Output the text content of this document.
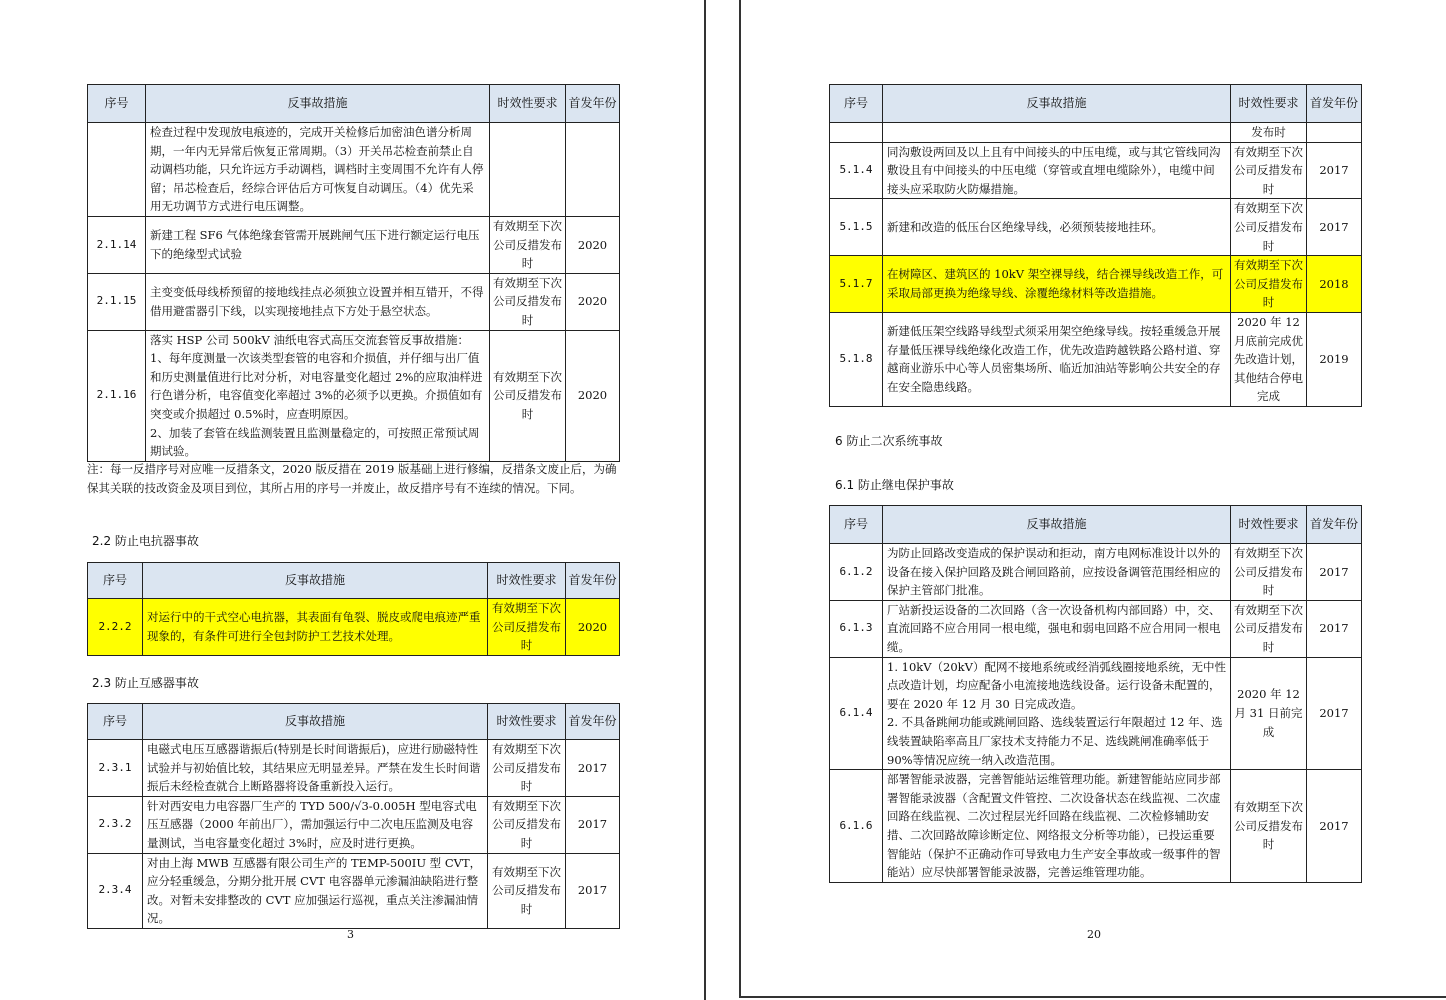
序号	反事故措施	时效性要求	首发年份
	检查过程中发现放电痕迹的，完成开关检修后加密油色谱分析周期，一年内无异常后恢复正常周期。（3）开关吊芯检查前禁止自动调档功能，只允许远方手动调档，调档时主变周围不允许有人停留；吊芯检查后，经综合评估后方可恢复自动调压。（4）优先采用无功调节方式进行电压调整。		
2.1.14	新建工程 SF6 气体绝缘套管需开展跳闸气压下进行额定运行电压下的绝缘型式试验	有效期至下次公司反措发布时	2020
2.1.15	主变变低母线桥预留的接地线挂点必须独立设置并相互错开，不得借用避雷器引下线，以实现接地挂点下方处于悬空状态。	有效期至下次公司反措发布时	2020
2.1.16	落实 HSP 公司 500kV 油纸电容式高压交流套管反事故措施：
1、每年度测量一次该类型套管的电容和介损值，并仔细与出厂值和历史测量值进行比对分析，对电容量变化超过 2%的应取油样进行色谱分析，电容值变化率超过 3%的必须予以更换。介损值如有突变或介损超过 0.5%时，应查明原因。
2、加装了套管在线监测装置且监测量稳定的，可按照正常预试周期试验。	有效期至下次公司反措发布时	2020
注：每一反措序号对应唯一反措条文，2020 版反措在 2019 版基础上进行修编，反措条文废止后，为确保其关联的技改资金及项目到位，其所占用的序号一并废止，故反措序号有不连续的情况。下同。
2.2 防止电抗器事故
序号	反事故措施	时效性要求	首发年份
2.2.2	对运行中的干式空心电抗器，其表面有龟裂、脱皮或爬电痕迹严重现象的，有条件可进行全包封防护工艺技术处理。	有效期至下次公司反措发布时	2020
2.3 防止互感器事故
序号	反事故措施	时效性要求	首发年份
2.3.1	电磁式电压互感器谐振后(特别是长时间谐振后)，应进行励磁特性试验并与初始值比较，其结果应无明显差异。严禁在发生长时间谐振后未经检查就合上断路器将设备重新投入运行。	有效期至下次公司反措发布时	2017
2.3.2	针对西安电力电容器厂生产的 TYD 500/√3-0.005H 型电容式电压互感器（2000 年前出厂），需加强运行中二次电压监测及电容量测试，当电容量变化超过 3%时，应及时进行更换。	有效期至下次公司反措发布时	2017
2.3.4	对由上海 MWB 互感器有限公司生产的 TEMP-500IU 型 CVT，应分轻重缓急，分期分批开展 CVT 电容器单元渗漏油缺陷进行整改。对暂未安排整改的 CVT 应加强运行巡视，重点关注渗漏油情况。	有效期至下次公司反措发布时	2017
3
序号	反事故措施	时效性要求	首发年份
		发布时	
5.1.4	同沟敷设两回及以上且有中间接头的中压电缆，或与其它管线同沟敷设且有中间接头的中压电缆（穿管或直埋电缆除外），电缆中间接头应采取防火防爆措施。	有效期至下次公司反措发布时	2017
5.1.5	新建和改造的低压台区绝缘导线，必须预装接地挂环。	有效期至下次公司反措发布时	2017
5.1.7	在树障区、建筑区的 10kV 架空裸导线，结合裸导线改造工作，可采取局部更换为绝缘导线、涂覆绝缘材料等改造措施。	有效期至下次公司反措发布时	2018
5.1.8	新建低压架空线路导线型式须采用架空绝缘导线。按轻重缓急开展存量低压裸导线绝缘化改造工作，优先改造跨越铁路公路村道、穿越商业游乐中心等人员密集场所、临近加油站等影响公共安全的存在安全隐患线路。	2020 年 12 月底前完成优先改造计划，其他结合停电完成	2019
6 防止二次系统事故
6.1 防止继电保护事故
序号	反事故措施	时效性要求	首发年份
6.1.2	为防止回路改变造成的保护误动和拒动，南方电网标准设计以外的设备在接入保护回路及跳合闸回路前，应按设备调管范围经相应的保护主管部门批准。	有效期至下次公司反措发布时	2017
6.1.3	厂站新投运设备的二次回路（含一次设备机构内部回路）中，交、直流回路不应合用同一根电缆，强电和弱电回路不应合用同一根电缆。	有效期至下次公司反措发布时	2017
6.1.4	1. 10kV（20kV）配网不接地系统或经消弧线圈接地系统，无中性点改造计划，均应配备小电流接地选线设备。运行设备未配置的，要在 2020 年 12 月 30 日完成改造。
2. 不具备跳闸功能或跳闸回路、选线装置运行年限超过 12 年、选线装置缺陷率高且厂家技术支持能力不足、选线跳闸准确率低于 90%等情况应统一纳入改造范围。	2020 年 12 月 31 日前完成	2017
6.1.6	部署智能录波器，完善智能站运维管理功能。新建智能站应同步部署智能录波器（含配置文件管控、二次设备状态在线监视、二次虚回路在线监视、二次过程层光纤回路在线监视、二次检修辅助安措、二次回路故障诊断定位、网络报文分析等功能），已投运重要智能站（保护不正确动作可导致电力生产安全事故或一级事件的智能站）应尽快部署智能录波器，完善运维管理功能。	有效期至下次公司反措发布时	2017
20
